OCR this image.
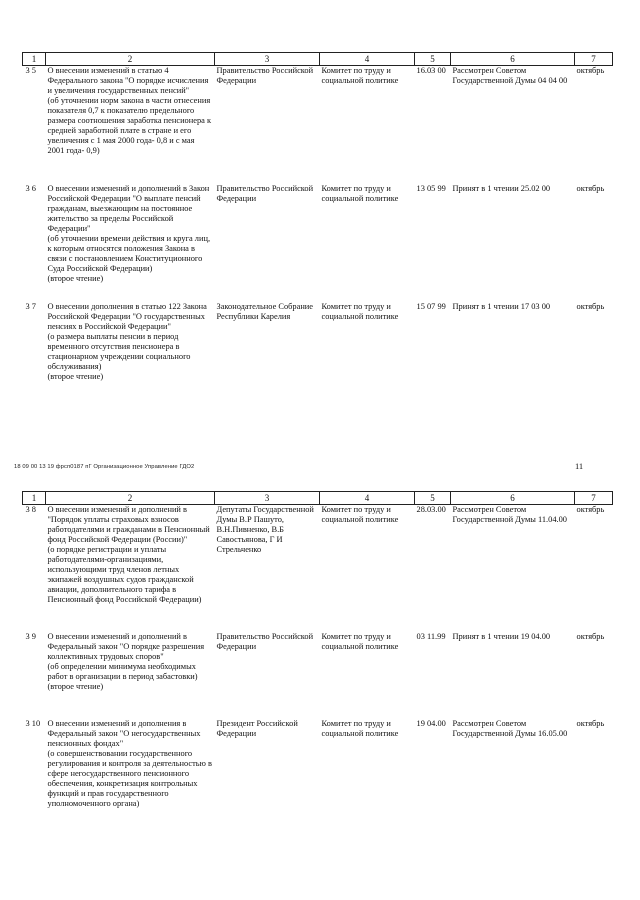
1	2	3	4	5	6	7
3 5	О внесении изменений в статью 4 Федерального закона "О порядке исчисления и увеличения государственных пенсий"
(об уточнении норм закона в части отнесения показателя 0,7 к показателю предельного размера соотношения заработка пенсионера к средней заработной плате в стране и его увеличения с 1 мая 2000 года- 0,8 и с мая 2001 года- 0,9)	Правительство Российской Федерации	Комитет по труду и социальной политике	16.03 00	Рассмотрен Советом Государственной Думы 04 04 00	октябрь
3 6	О внесении изменений и дополнений в Закон Российской Федерации "О выплате пенсий гражданам, выезжающим на постоянное жительство за пределы Российской Федерации"
(об уточнении времени действия и круга лиц, к которым относятся положения Закона в связи с постановлением Конституционного Суда Российской Федерации)
(второе чтение)	Правительство Российской Федерации	Комитет по труду и социальной политике	13 05 99	Принят в 1 чтении 25.02 00	октябрь
3 7	О внесении дополнения в статью 122 Закона Российской Федерации "О государственных пенсиях в Российской Федерации"
(о размера выплаты пенсии в период временного отсутствия пенсионера в стационарном учреждении социального обслуживания)
(второе чтение)	Законодательное Собрание Республики Карелия	Комитет по труду и социальной политике	15 07 99	Принят в 1 чтении 17 03 00	октябрь
18 09 00 13 19 фрсп0187 пГ Организационное Управление ГДО2	11
1	2	3	4	5	6	7
3 8	О внесении изменений и дополнений в "Порядок уплаты страховых взносов работодателями и гражданами в Пенсионный фонд Российской Федерации (России)"
(о порядке регистрации и уплаты работодателями-организациями, использующими труд членов летных экипажей воздушных судов гражданской авиации, дополнительного тарифа в Пенсионный фонд Российской Федерации)	Депутаты Государственной Думы В.Р Пашуто, В.Н.Пивненко, В.Б Савостьянова, Г И Стрельченко	Комитет по труду и социальной политике	28.03.00	Рассмотрен Советом Государственной Думы 11.04.00	октябрь
3 9	О внесении изменений и дополнений в Федеральный закон "О порядке разрешения коллективных трудовых споров"
(об определении минимума необходимых работ в организации в период забастовки)
(второе чтение)	Правительство Российской Федерации	Комитет по труду и социальной политике	03 11.99	Принят в 1 чтении 19 04.00	октябрь
3 10	О внесении изменений и дополнения в Федеральный закон "О негосударственных пенсионных фондах"
(о совершенствовании государственного регулирования и контроля за деятельностью в сфере негосударственного пенсионного обеспечения, конкретизация контрольных функций и прав государственного уполномоченного органа)	Президент Российской Федерации	Комитет по труду и социальной политике	19 04.00	Рассмотрен Советом Государственной Думы 16.05.00	октябрь
